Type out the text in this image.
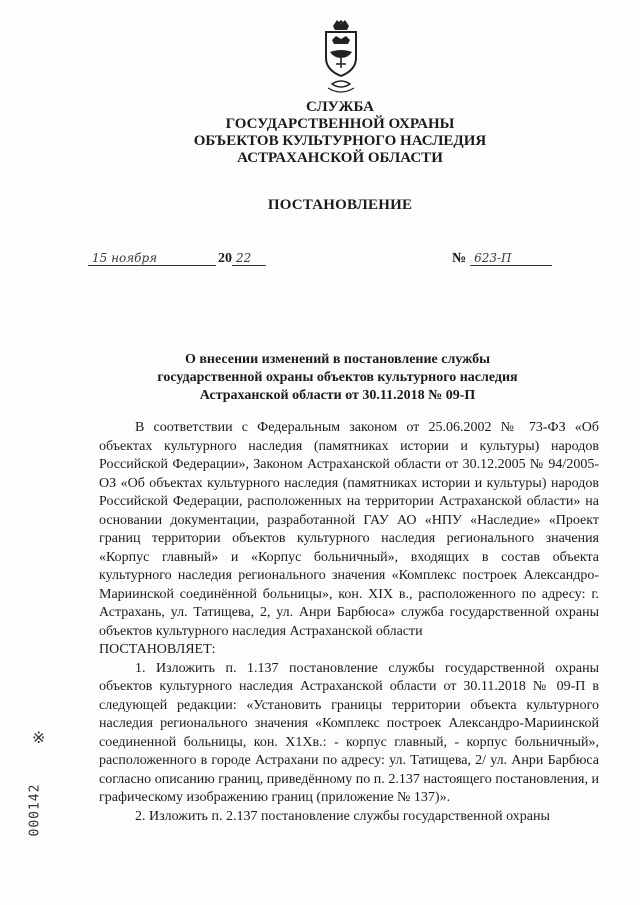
СЛУЖБА
ГОСУДАРСТВЕННОЙ ОХРАНЫ
ОБЪЕКТОВ КУЛЬТУРНОГО НАСЛЕДИЯ
АСТРАХАНСКОЙ ОБЛАСТИ
ПОСТАНОВЛЕНИЕ
15 ноября	20 22	№ 623-П
О внесении изменений в постановление службы
государственной охраны объектов культурного наследия
Астраханской области от 30.11.2018 № 09-П

В соответствии с Федеральным законом от 25.06.2002 № 73-ФЗ «Об объектах культурного наследия (памятниках истории и культуры) народов Российской Федерации», Законом Астраханской области от 30.12.2005 № 94/2005-ОЗ «Об объектах культурного наследия (памятниках истории и культуры) народов Российской Федерации, расположенных на территории Астраханской области» на основании документации, разработанной ГАУ АО «НПУ «Наследие» «Проект границ территории объектов культурного наследия регионального значения «Корпус главный» и «Корпус больничный», входящих в состав объекта культурного наследия регионального значения «Комплекс построек Александро-Мариинской соединённой больницы», кон. XIX в., расположенного по адресу: г. Астрахань, ул. Татищева, 2, ул. Анри Барбюса» служба государственной охраны объектов культурного наследия Астраханской области

ПОСТАНОВЛЯЕТ:

1. Изложить п. 1.137 постановление службы государственной охраны объектов культурного наследия Астраханской области от 30.11.2018 № 09-П в следующей редакции: «Установить границы территории объекта культурного наследия регионального значения «Комплекс построек Александро-Мариинской соединенной больницы, кон. Х1Хв.: - корпус главный, - корпус больничный», расположенного в городе Астрахани по адресу: ул. Татищева, 2/ ул. Анри Барбюса согласно описанию границ, приведённому по п. 2.137 настоящего постановления, и графическому изображению границ (приложение № 137)».

2. Изложить п. 2.137 постановление службы государственной охраны

※
000142
